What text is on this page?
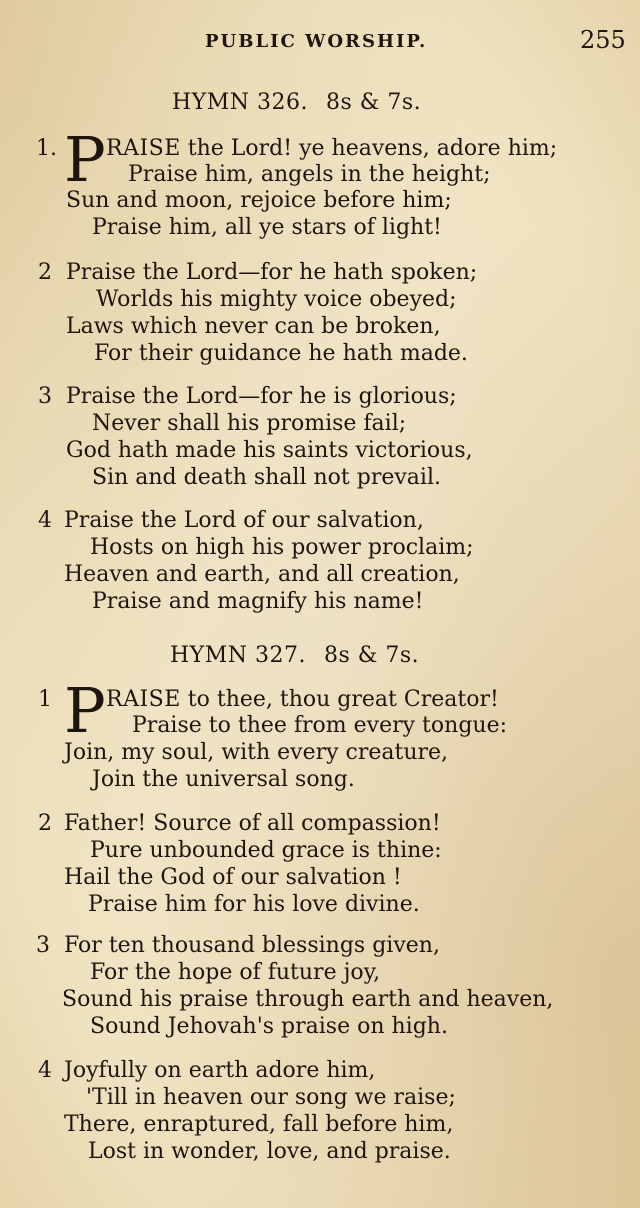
PUBLIC WORSHIP.	255
HYMN 326. 8s & 7s.
1. P RAISE the Lord! ye heavens, adore him;
Praise him, angels in the height;
Sun and moon, rejoice before him;
Praise him, all ye stars of light!
2 Praise the Lord—for he hath spoken;
Worlds his mighty voice obeyed;
Laws which never can be broken,
For their guidance he hath made.
3 Praise the Lord—for he is glorious;
Never shall his promise fail;
God hath made his saints victorious,
Sin and death shall not prevail.
4 Praise the Lord of our salvation,
Hosts on high his power proclaim;
Heaven and earth, and all creation,
Praise and magnify his name!
HYMN 327. 8s & 7s.
1 P RAISE to thee, thou great Creator!
Praise to thee from every tongue:
Join, my soul, with every creature,
Join the universal song.
2 Father! Source of all compassion!
Pure unbounded grace is thine:
Hail the God of our salvation !
Praise him for his love divine.
3 For ten thousand blessings given,
For the hope of future joy,
Sound his praise through earth and heaven,
Sound Jehovah's praise on high.
4 Joyfully on earth adore him,
'Till in heaven our song we raise;
There, enraptured, fall before him,
Lost in wonder, love, and praise.
